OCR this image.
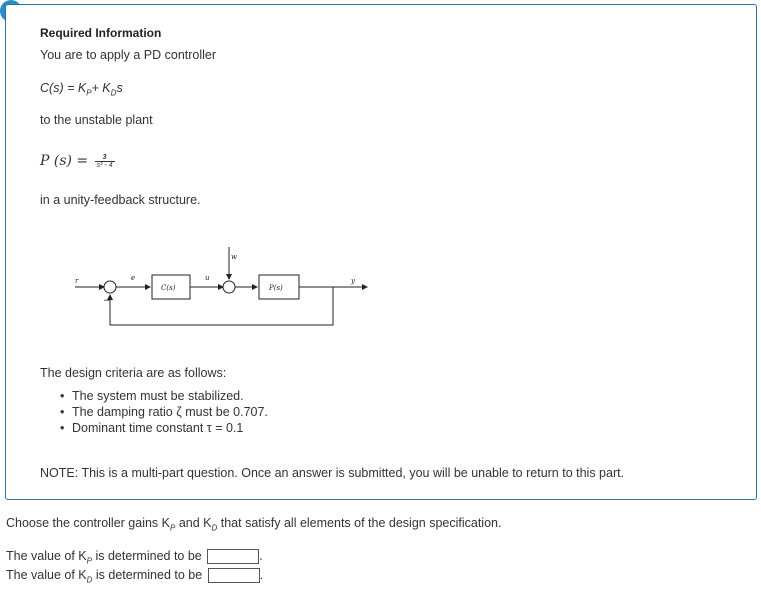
Required Information
You are to apply a PD controller
$C(s) = K_P+ K_Ds$
to the unstable plant
P $(s) = \frac{3}{\text{s² - 4}}$
in a unity-feedback structure.
r	e
C(s)
u
w
P(s)
y
−
The design criteria are as follows:
• The system must be stabilized.
• The damping ratio ζ must be 0.707.
• Dominant time constant τ = 0.1
NOTE: This is a multi-part question. Once an answer is submitted, you will be unable to return to this part.
Choose the controller gains $K_P$ and $K_D$ that satisfy all elements of the design specification.
The value of $K_P$ is determined to be	.
The value of $K_D$ is determined to be	.
